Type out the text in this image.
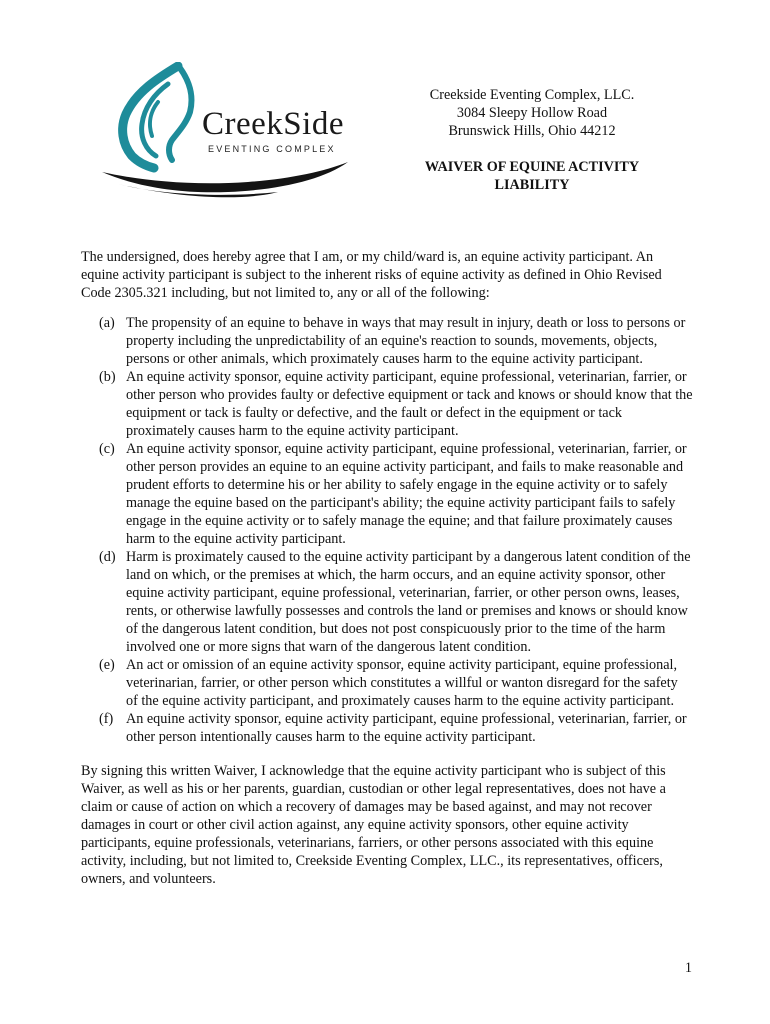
CreekSide
EVENTING COMPLEX
Creekside Eventing Complex, LLC.
3084 Sleepy Hollow Road
Brunswick Hills, Ohio 44212
WAIVER OF EQUINE ACTIVITY
LIABILITY

The undersigned, does hereby agree that I am, or my child/ward is, an equine activity participant. An equine activity participant is subject to the inherent risks of equine activity as defined in Ohio Revised Code 2305.321 including, but not limited to, any or all of the following:

(a) The propensity of an equine to behave in ways that may result in injury, death or loss to persons or property including the unpredictability of an equine's reaction to sounds, movements, objects, persons or other animals, which proximately causes harm to the equine activity participant.
(b) An equine activity sponsor, equine activity participant, equine professional, veterinarian, farrier, or other person who provides faulty or defective equipment or tack and knows or should know that the equipment or tack is faulty or defective, and the fault or defect in the equipment or tack proximately causes harm to the equine activity participant.
(c) An equine activity sponsor, equine activity participant, equine professional, veterinarian, farrier, or other person provides an equine to an equine activity participant, and fails to make reasonable and prudent efforts to determine his or her ability to safely engage in the equine activity or to safely manage the equine based on the participant's ability; the equine activity participant fails to safely engage in the equine activity or to safely manage the equine; and that failure proximately causes harm to the equine activity participant.
(d) Harm is proximately caused to the equine activity participant by a dangerous latent condition of the land on which, or the premises at which, the harm occurs, and an equine activity sponsor, other equine activity participant, equine professional, veterinarian, farrier, or other person owns, leases, rents, or otherwise lawfully possesses and controls the land or premises and knows or should know of the dangerous latent condition, but does not post conspicuously prior to the time of the harm involved one or more signs that warn of the dangerous latent condition.
(e) An act or omission of an equine activity sponsor, equine activity participant, equine professional, veterinarian, farrier, or other person which constitutes a willful or wanton disregard for the safety of the equine activity participant, and proximately causes harm to the equine activity participant.
(f) An equine activity sponsor, equine activity participant, equine professional, veterinarian, farrier, or other person intentionally causes harm to the equine activity participant.

By signing this written Waiver, I acknowledge that the equine activity participant who is subject of this Waiver, as well as his or her parents, guardian, custodian or other legal representatives, does not have a claim or cause of action on which a recovery of damages may be based against, and may not recover damages in court or other civil action against, any equine activity sponsors, other equine activity participants, equine professionals, veterinarians, farriers, or other persons associated with this equine activity, including, but not limited to, Creekside Eventing Complex, LLC., its representatives, officers, owners, and volunteers.

1
